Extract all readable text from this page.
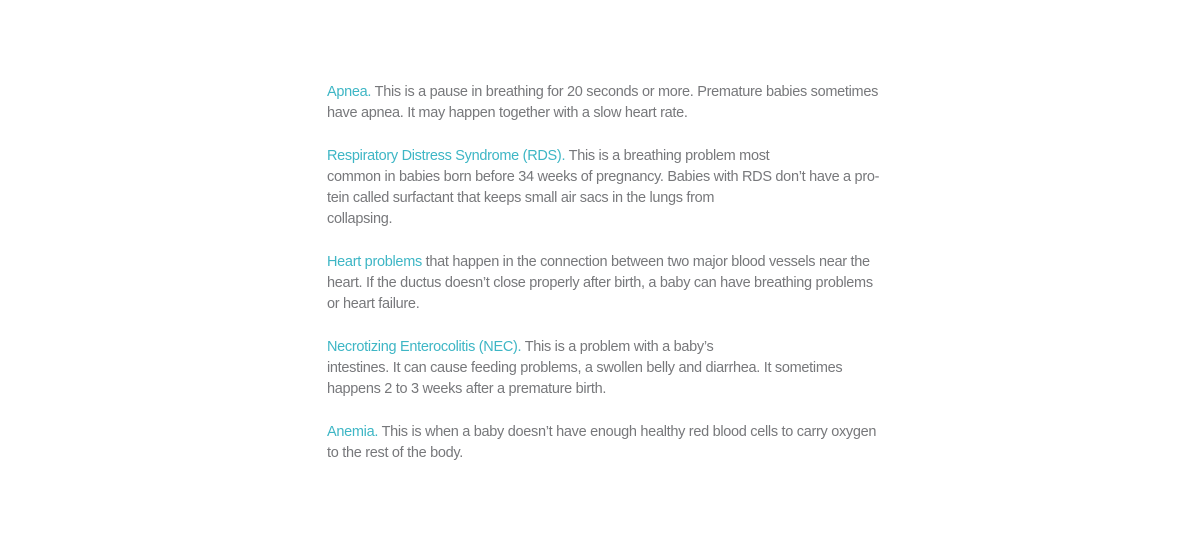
Apnea. This is a pause in breathing for 20 seconds or more. Premature babies sometimes
have apnea. It may happen together with a slow heart rate.

Respiratory Distress Syndrome (RDS). This is a breathing problem most
common in babies born before 34 weeks of pregnancy. Babies with RDS don’t have a pro-
tein called surfactant that keeps small air sacs in the lungs from
collapsing.

Heart problems that happen in the connection between two major blood vessels near the
heart. If the ductus doesn’t close properly after birth, a baby can have breathing problems
or heart failure.

Necrotizing Enterocolitis (NEC). This is a problem with a baby’s
intestines. It can cause feeding problems, a swollen belly and diarrhea. It sometimes
happens 2 to 3 weeks after a premature birth.

Anemia. This is when a baby doesn’t have enough healthy red blood cells to carry oxygen
to the rest of the body.
